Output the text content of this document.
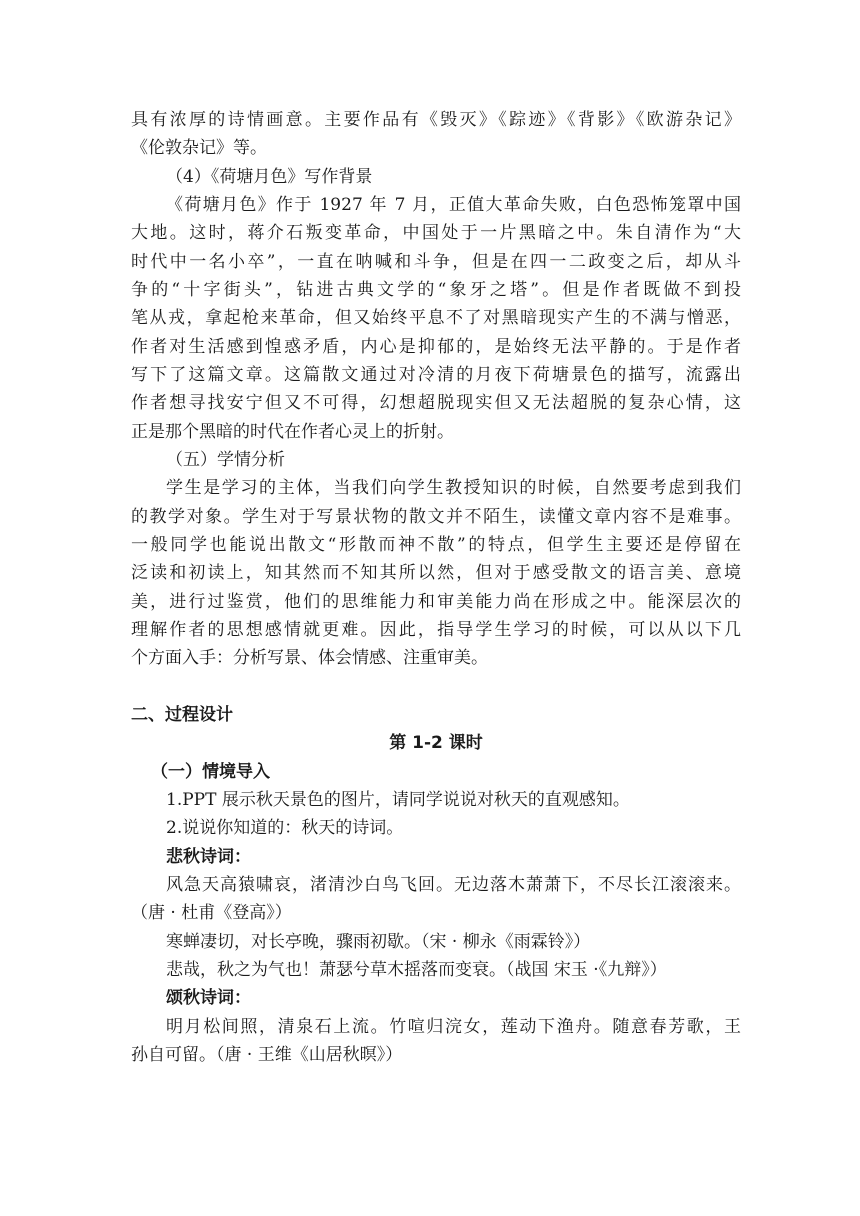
具有浓厚的诗情画意。主要作品有《毁灭》《踪迹》《背影》《欧游杂记》
《伦敦杂记》等。
（4）《荷塘月色》写作背景
《荷塘月色》作于 1927 年 7 月，正值大革命失败，白色恐怖笼罩中国
大地。这时，蒋介石叛变革命，中国处于一片黑暗之中。朱自清作为“大
时代中一名小卒”，一直在呐喊和斗争，但是在四一二政变之后，却从斗
争的“十字街头”，钻进古典文学的“象牙之塔”。但是作者既做不到投
笔从戎，拿起枪来革命，但又始终平息不了对黑暗现实产生的不满与憎恶，
作者对生活感到惶惑矛盾，内心是抑郁的，是始终无法平静的。于是作者
写下了这篇文章。这篇散文通过对冷清的月夜下荷塘景色的描写，流露出
作者想寻找安宁但又不可得，幻想超脱现实但又无法超脱的复杂心情，这
正是那个黑暗的时代在作者心灵上的折射。
（五）学情分析
学生是学习的主体，当我们向学生教授知识的时候，自然要考虑到我们
的教学对象。学生对于写景状物的散文并不陌生，读懂文章内容不是难事。
一般同学也能说出散文“形散而神不散”的特点，但学生主要还是停留在
泛读和初读上，知其然而不知其所以然，但对于感受散文的语言美、意境
美，进行过鉴赏，他们的思维能力和审美能力尚在形成之中。能深层次的
理解作者的思想感情就更难。因此，指导学生学习的时候，可以从以下几
个方面入手：分析写景、体会情感、注重审美。
二、过程设计
第 1-2 课时
（一）情境导入
1.PPT 展示秋天景色的图片，请同学说说对秋天的直观感知。
2.说说你知道的：秋天的诗词。
悲秋诗词：
风急天高猿啸哀，渚清沙白鸟飞回。无边落木萧萧下，不尽长江滚滚来。
（唐 · 杜甫《登高》）
寒蝉凄切，对长亭晚，骤雨初歇。（宋 · 柳永《雨霖铃》）
悲哉，秋之为气也！萧瑟兮草木摇落而变衰。（战国 宋玉 ·《九辩》）
颂秋诗词：
明月松间照，清泉石上流。竹喧归浣女，莲动下渔舟。随意春芳歌，王
孙自可留。（唐 · 王维《山居秋暝》）
